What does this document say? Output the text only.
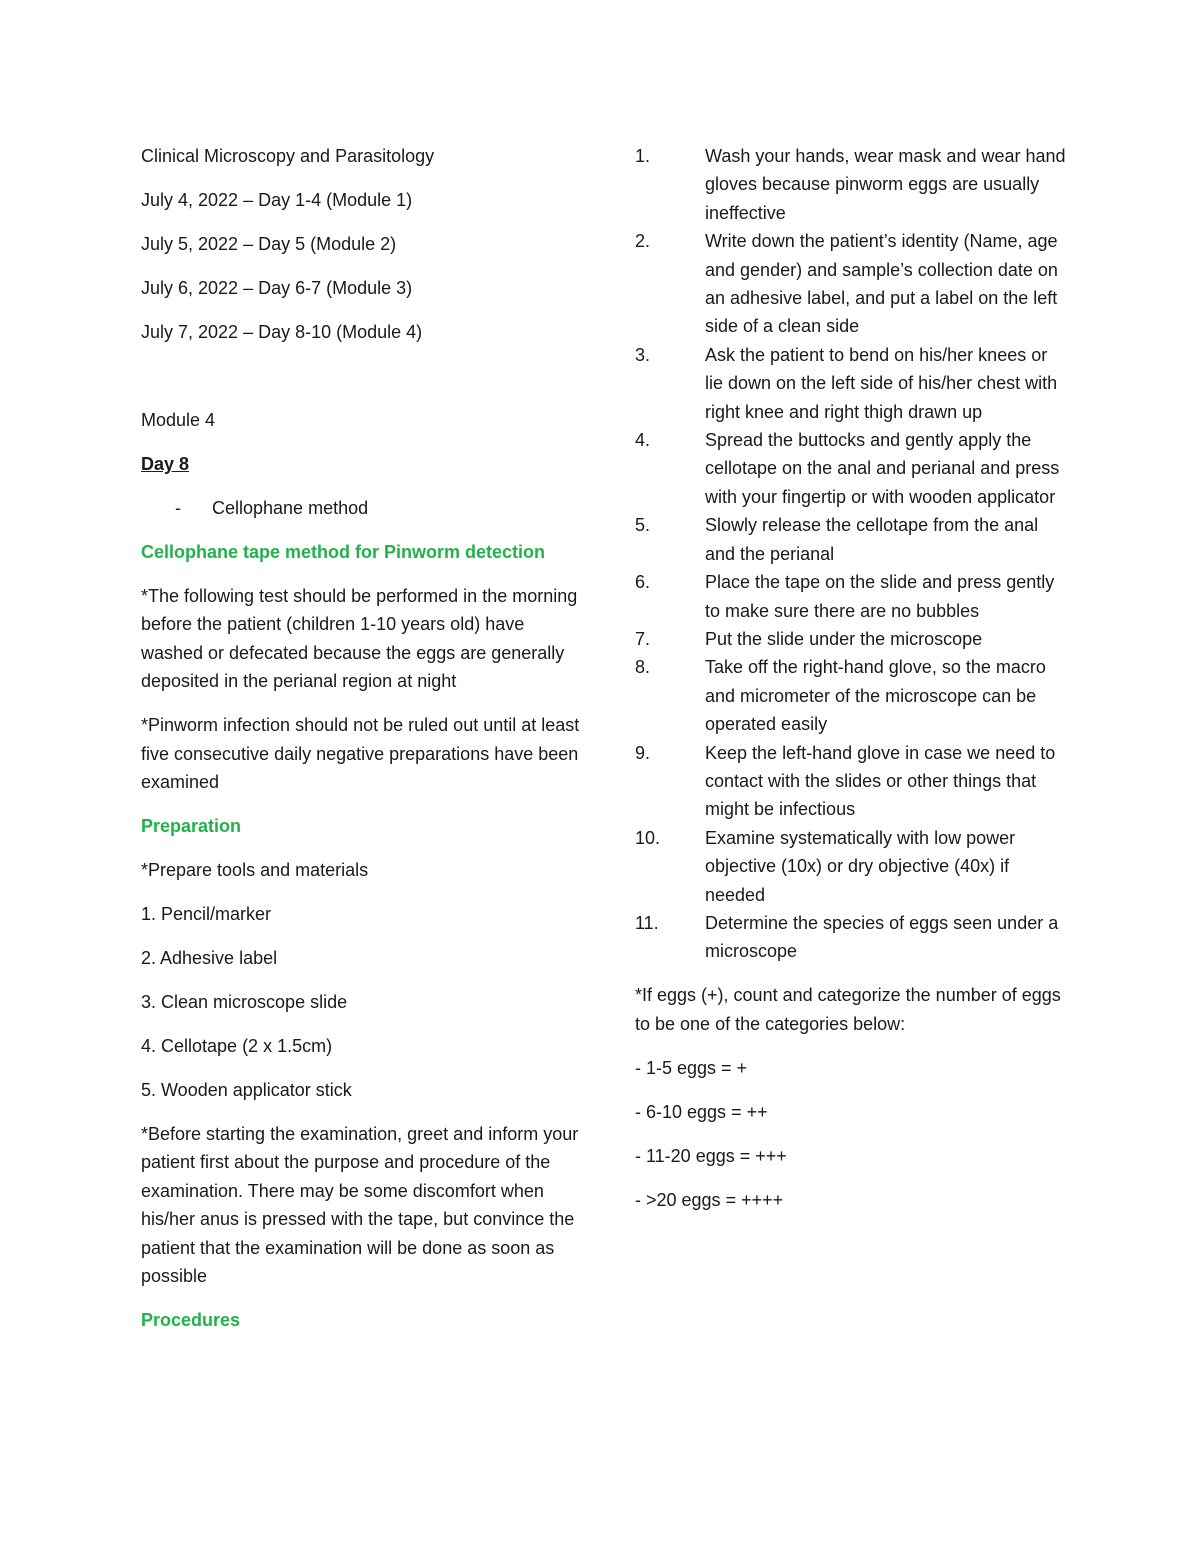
Clinical Microscopy and Parasitology

July 4, 2022 – Day 1-4 (Module 1)

July 5, 2022 – Day 5 (Module 2)

July 6, 2022 – Day 6-7 (Module 3)

July 7, 2022 – Day 8-10 (Module 4)

Module 4

Day 8

-	Cellophane method

Cellophane tape method for Pinworm detection

*The following test should be performed in the morning before the patient (children 1-10 years old) have washed or defecated because the eggs are generally deposited in the perianal region at night

*Pinworm infection should not be ruled out until at least five consecutive daily negative preparations have been examined

Preparation

*Prepare tools and materials

1. Pencil/marker

2. Adhesive label

3. Clean microscope slide

4. Cellotape (2 x 1.5cm)

5. Wooden applicator stick

*Before starting the examination, greet and inform your patient first about the purpose and procedure of the examination. There may be some discomfort when his/her anus is pressed with the tape, but convince the patient that the examination will be done as soon as possible

Procedures

1.	Wash your hands, wear mask and wear hand gloves because pinworm eggs are usually ineffective
2.	Write down the patient’s identity (Name, age and gender) and sample’s collection date on an adhesive label, and put a label on the left side of a clean side
3.	Ask the patient to bend on his/her knees or lie down on the left side of his/her chest with right knee and right thigh drawn up
4.	Spread the buttocks and gently apply the cellotape on the anal and perianal and press with your fingertip or with wooden applicator
5.	Slowly release the cellotape from the anal and the perianal
6.	Place the tape on the slide and press gently to make sure there are no bubbles
7.	Put the slide under the microscope
8.	Take off the right-hand glove, so the macro and micrometer of the microscope can be operated easily
9.	Keep the left-hand glove in case we need to contact with the slides or other things that might be infectious
10.	Examine systematically with low power objective (10x) or dry objective (40x) if needed
11.	Determine the species of eggs seen under a microscope

*If eggs (+), count and categorize the number of eggs to be one of the categories below:

- 1-5 eggs = +

- 6-10 eggs = ++

- 11-20 eggs = +++

- >20 eggs = ++++
